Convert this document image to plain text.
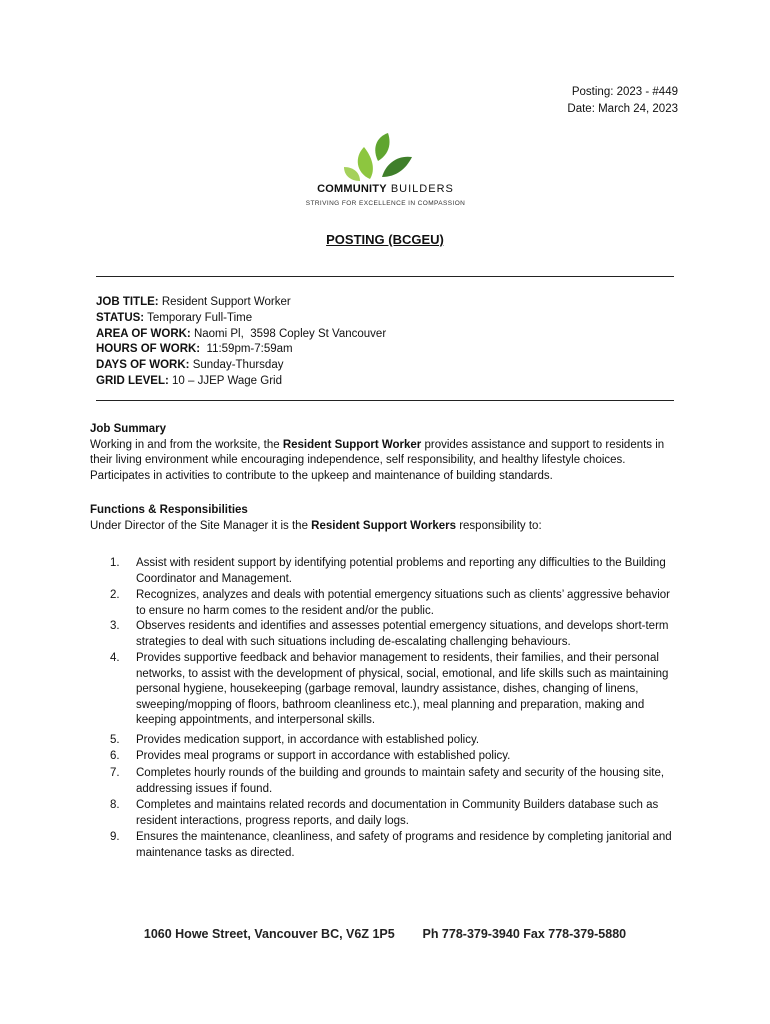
Posting: 2023 - #449
Date: March 24, 2023
COMMUNITY BUILDERS
STRIVING FOR EXCELLENCE IN COMPASSION
POSTING (BCGEU)
JOB TITLE: Resident Support Worker
STATUS: Temporary Full-Time
AREA OF WORK: Naomi Pl,  3598 Copley St Vancouver
HOURS OF WORK:  11:59pm-7:59am
DAYS OF WORK: Sunday-Thursday
GRID LEVEL: 10 – JJEP Wage Grid
Job Summary

Working in and from the worksite, the Resident Support Worker provides assistance and support to residents in their living environment while encouraging independence, self responsibility, and healthy lifestyle choices. Participates in activities to contribute to the upkeep and maintenance of building standards.

Functions & Responsibilities

Under Director of the Site Manager it is the Resident Support Workers responsibility to:

1. Assist with resident support by identifying potential problems and reporting any difficulties to the Building Coordinator and Management.
2. Recognizes, analyzes and deals with potential emergency situations such as clients’ aggressive behavior to ensure no harm comes to the resident and/or the public.
3. Observes residents and identifies and assesses potential emergency situations, and develops short-term strategies to deal with such situations including de-escalating challenging behaviours.
4. Provides supportive feedback and behavior management to residents, their families, and their personal networks, to assist with the development of physical, social, emotional, and life skills such as maintaining personal hygiene, housekeeping (garbage removal, laundry assistance, dishes, changing of linens, sweeping/mopping of floors, bathroom cleanliness etc.), meal planning and preparation, making and keeping appointments, and interpersonal skills.
5. Provides medication support, in accordance with established policy.
6. Provides meal programs or support in accordance with established policy.
7. Completes hourly rounds of the building and grounds to maintain safety and security of the housing site, addressing issues if found.
8. Completes and maintains related records and documentation in Community Builders database such as resident interactions, progress reports, and daily logs.
9. Ensures the maintenance, cleanliness, and safety of programs and residence by completing janitorial and maintenance tasks as directed.
1060 Howe Street, Vancouver BC, V6Z 1P5 Ph 778-379-3940 Fax 778-379-5880
